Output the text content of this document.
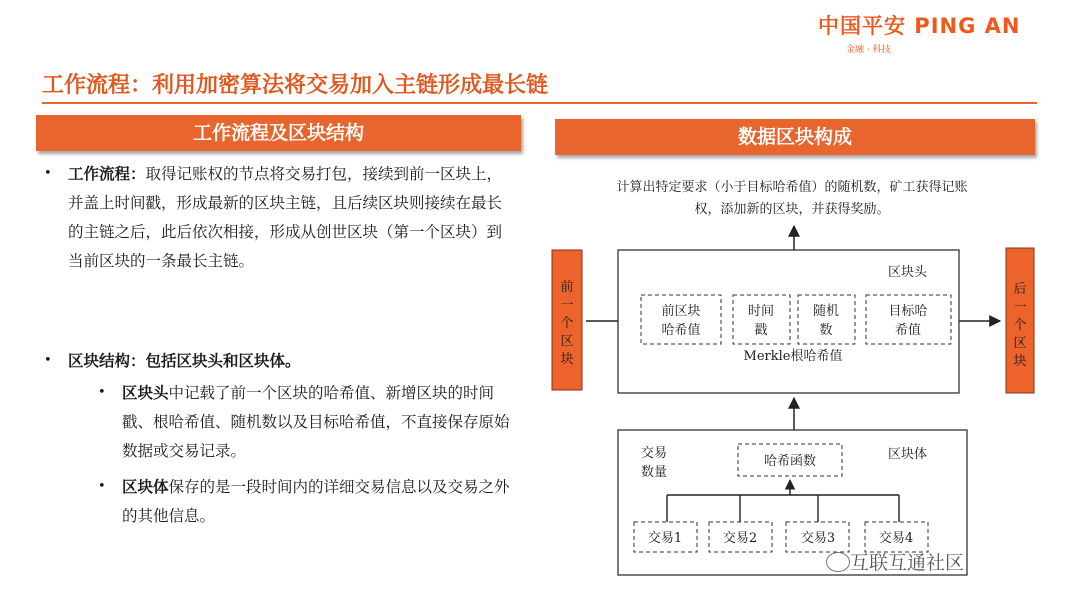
中国平安 PING AN
金融 · 科技
工作流程：利用加密算法将交易加入主链形成最长链
工作流程及区块结构
•	工作流程：取得记账权的节点将交易打包，接续到前一区块上，并盖上时间戳，形成最新的区块主链，且后续区块则接续在最长的主链之后，此后依次相接，形成从创世区块（第一个区块）到当前区块的一条最长主链。
•	区块结构：包括区块头和区块体。
•	区块头中记载了前一个区块的哈希值、新增区块的时间戳、根哈希值、随机数以及目标哈希值，不直接保存原始数据或交易记录。
•	区块体保存的是一段时间内的详细交易信息以及交易之外的其他信息。
数据区块构成
计算出特定要求（小于目标哈希值）的随机数，矿工获得记账
权，添加新的区块，并获得奖励。
前
一
个
区
块
后
一
个
区
块
区块头
前区块
哈希值
时间
戳
随机
数
目标哈
希值
Merkle根哈希值
区块体
交易
数量
哈希函数
交易1	交易2	交易3	交易4
互联互通社区
